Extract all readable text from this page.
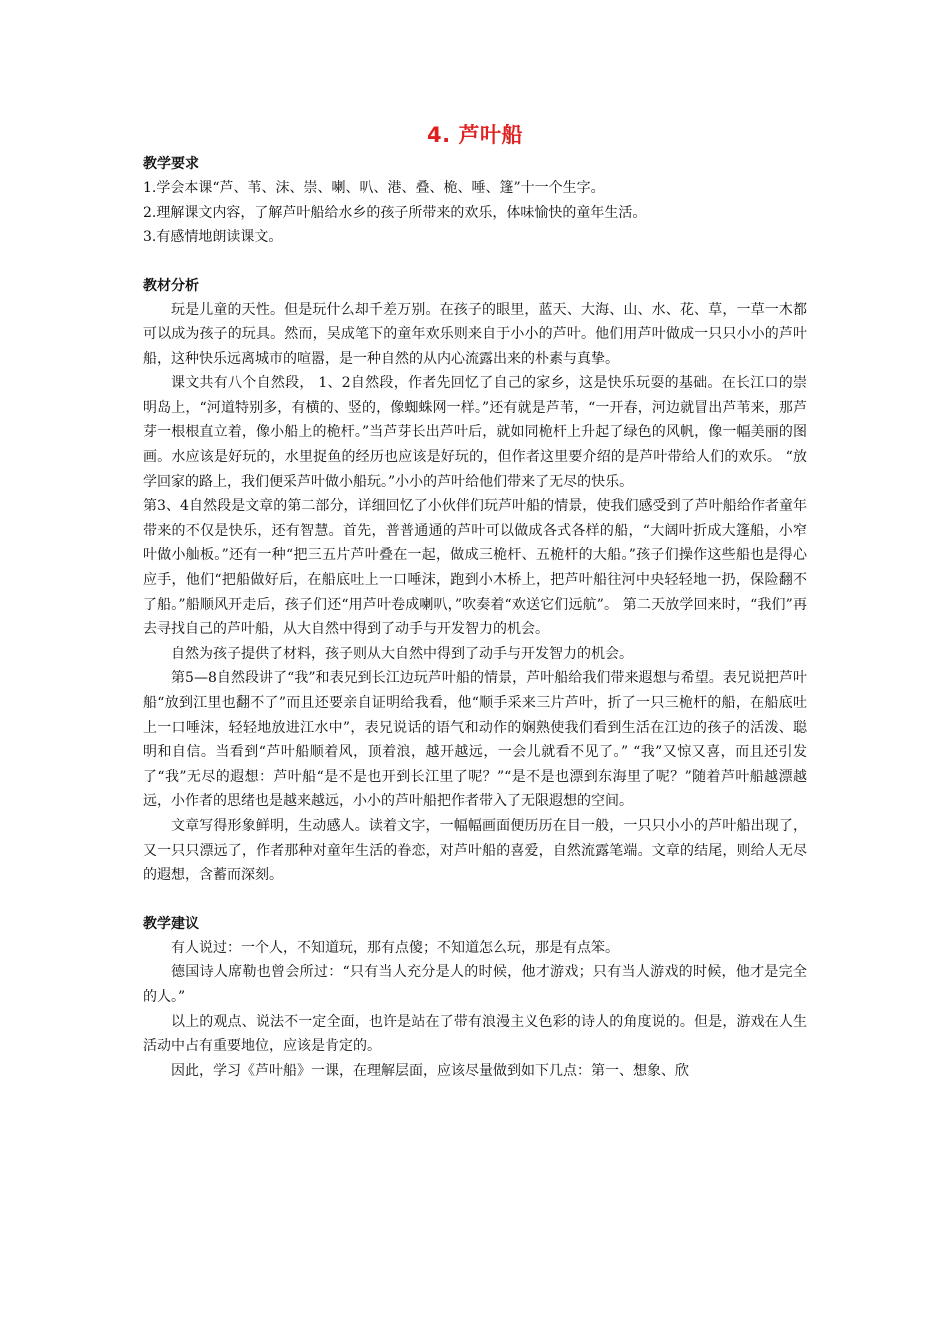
4. 芦叶船
教学要求

1.学会本课“芦、苇、沫、崇、喇、叭、港、叠、桅、唾、篷”十一个生字。

2.理解课文内容，了解芦叶船给水乡的孩子所带来的欢乐，体味愉快的童年生活。

3.有感情地朗读课文。

教材分析

玩是儿童的天性。但是玩什么却千差万别。在孩子的眼里，蓝天、大海、山、水、花、草，一草一木都可以成为孩子的玩具。然而，吴成笔下的童年欢乐则来自于小小的芦叶。他们用芦叶做成一只只小小的芦叶船，这种快乐远离城市的喧嚣，是一种自然的从内心流露出来的朴素与真挚。

课文共有八个自然段， 1、2自然段，作者先回忆了自己的家乡，这是快乐玩耍的基础。在长江口的崇明岛上，“河道特别多，有横的、竖的，像蜘蛛网一样。”还有就是芦苇，“一开春，河边就冒出芦苇来，那芦芽一根根直立着，像小船上的桅杆。”当芦芽长出芦叶后，就如同桅杆上升起了绿色的风帆，像一幅美丽的图画。水应该是好玩的，水里捉鱼的经历也应该是好玩的，但作者这里要介绍的是芦叶带给人们的欢乐。 “放学回家的路上，我们便采芦叶做小船玩。”小小的芦叶给他们带来了无尽的快乐。

第3、4自然段是文章的第二部分，详细回忆了小伙伴们玩芦叶船的情景，使我们感受到了芦叶船给作者童年带来的不仅是快乐，还有智慧。首先，普普通通的芦叶可以做成各式各样的船，“大阔叶折成大篷船，小窄叶做小舢板。”还有一种“把三五片芦叶叠在一起，做成三桅杆、五桅杆的大船。”孩子们操作这些船也是得心应手，他们“把船做好后，在船底吐上一口唾沫，跑到小木桥上，把芦叶船往河中央轻轻地一扔，保险翻不了船。”船顺风开走后，孩子们还“用芦叶卷成喇叭，”吹奏着“欢送它们远航”。 第二天放学回来时，“我们”再去寻找自己的芦叶船，从大自然中得到了动手与开发智力的机会。

自然为孩子提供了材料，孩子则从大自然中得到了动手与开发智力的机会。

第5—8自然段讲了“我”和表兄到长江边玩芦叶船的情景，芦叶船给我们带来遐想与希望。表兄说把芦叶船“放到江里也翻不了”而且还要亲自证明给我看，他“顺手采来三片芦叶，折了一只三桅杆的船，在船底吐上一口唾沫，轻轻地放进江水中”，表兄说话的语气和动作的娴熟使我们看到生活在江边的孩子的活泼、聪明和自信。当看到“芦叶船顺着风，顶着浪，越开越远，一会儿就看不见了。” “我”又惊又喜，而且还引发了“我”无尽的遐想：芦叶船“是不是也开到长江里了呢？”“是不是也漂到东海里了呢？”随着芦叶船越漂越远，小作者的思绪也是越来越远，小小的芦叶船把作者带入了无限遐想的空间。

文章写得形象鲜明，生动感人。读着文字，一幅幅画面便历历在目一般，一只只小小的芦叶船出现了，又一只只漂远了，作者那种对童年生活的眷恋，对芦叶船的喜爱，自然流露笔端。文章的结尾，则给人无尽的遐想，含蓄而深刻。

教学建议

有人说过：一个人，不知道玩，那有点傻；不知道怎么玩，那是有点笨。

德国诗人席勒也曾会所过：“只有当人充分是人的时候，他才游戏；只有当人游戏的时候，他才是完全的人。”

以上的观点、说法不一定全面，也许是站在了带有浪漫主义色彩的诗人的角度说的。但是，游戏在人生活动中占有重要地位，应该是肯定的。

因此，学习《芦叶船》一课，在理解层面，应该尽量做到如下几点：第一、想象、欣
